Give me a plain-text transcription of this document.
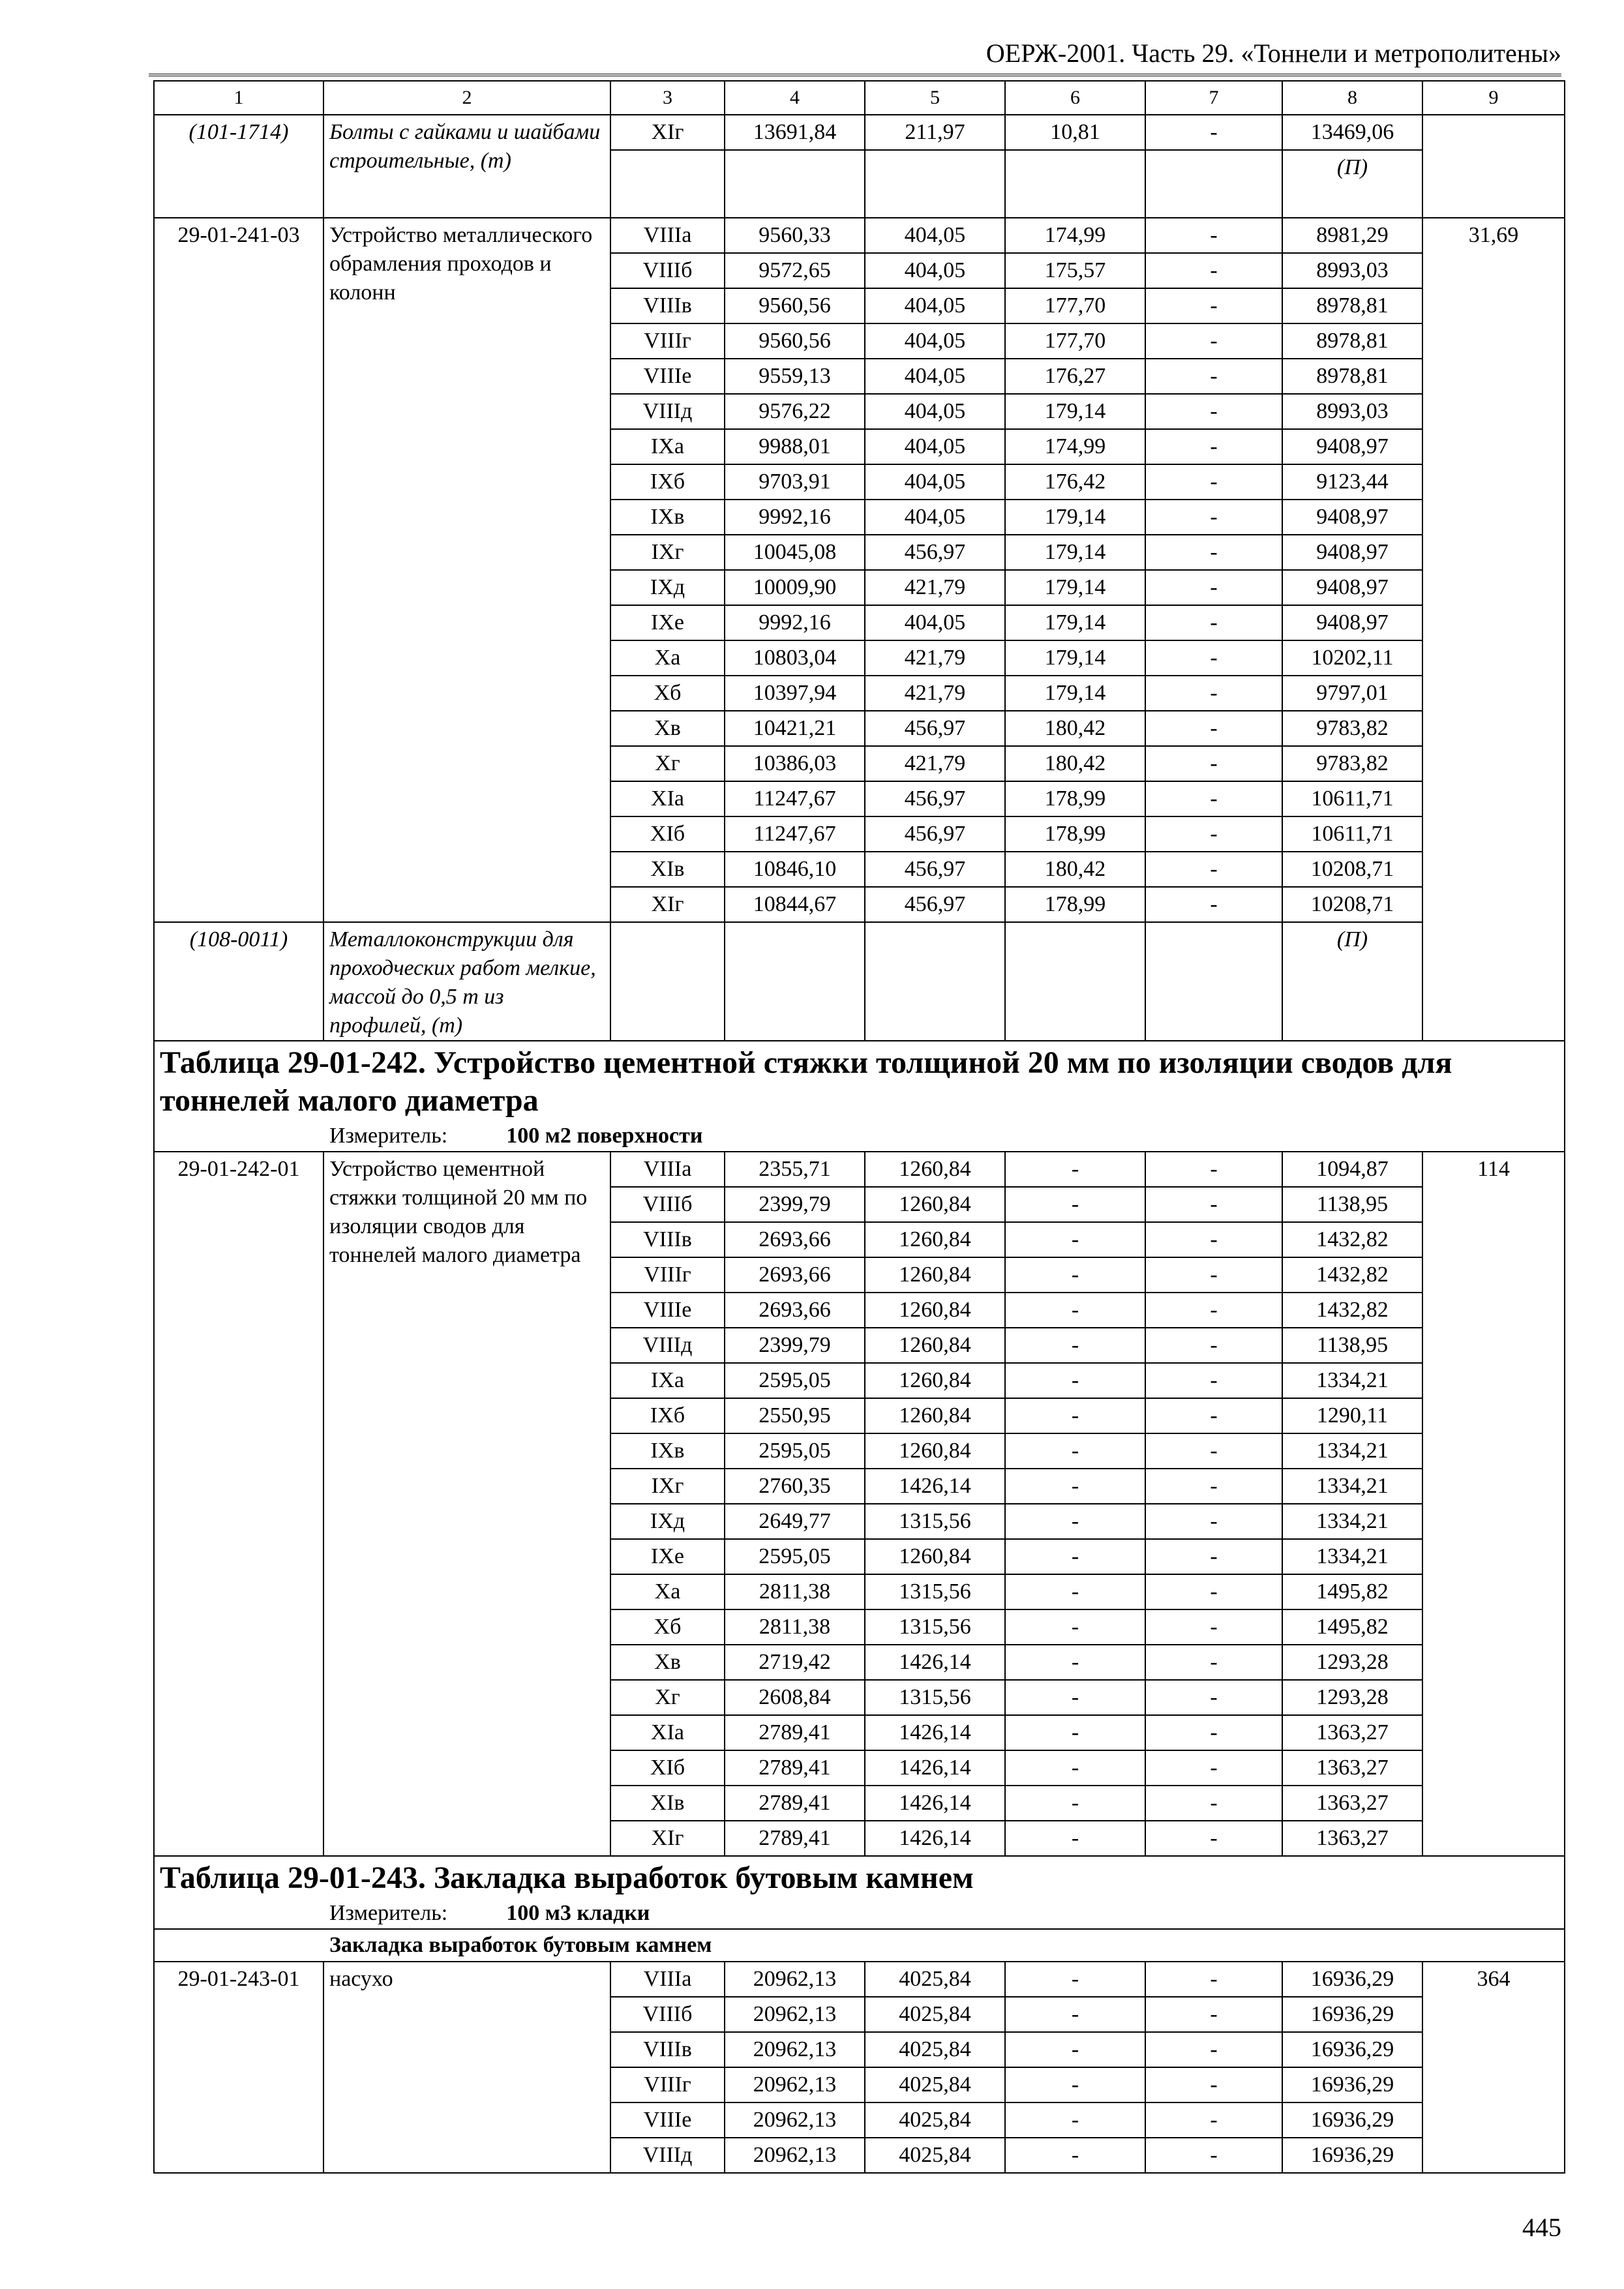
ОЕРЖ-2001. Часть 29. «Тоннели и метрополитены»
1	2	3	4	5	6	7	8	9
(101-1714)	Болты с гайками и шайбами строительные, (т)	XIг	13691,84	211,97	10,81	-	13469,06	
							(П)	
29-01-241-03	Устройство металлического обрамления проходов и колонн	VIIIа	9560,33	404,05	174,99	-	8981,29	31,69
		VIIIб	9572,65	404,05	175,57	-	8993,03	
		VIIIв	9560,56	404,05	177,70	-	8978,81	
		VIIIг	9560,56	404,05	177,70	-	8978,81	
		VIIIе	9559,13	404,05	176,27	-	8978,81	
		VIIIд	9576,22	404,05	179,14	-	8993,03	
		IXа	9988,01	404,05	174,99	-	9408,97	
		IXб	9703,91	404,05	176,42	-	9123,44	
		IXв	9992,16	404,05	179,14	-	9408,97	
		IXг	10045,08	456,97	179,14	-	9408,97	
		IXд	10009,90	421,79	179,14	-	9408,97	
		IXе	9992,16	404,05	179,14	-	9408,97	
		Xа	10803,04	421,79	179,14	-	10202,11	
		Xб	10397,94	421,79	179,14	-	9797,01	
		Xв	10421,21	456,97	180,42	-	9783,82	
		Xг	10386,03	421,79	180,42	-	9783,82	
		XIа	11247,67	456,97	178,99	-	10611,71	
		XIб	11247,67	456,97	178,99	-	10611,71	
		XIв	10846,10	456,97	180,42	-	10208,71	
		XIг	10844,67	456,97	178,99	-	10208,71	
(108-0011)	Металлоконструкции для проходческих работ мелкие, массой до 0,5 т из профилей, (т)						(П)	
Таблица 29-01-242. Устройство цементной стяжки толщиной 20 мм по изоляции сводов для тоннелей малого диаметра								
Измеритель: 100 м2 поверхности								
29-01-242-01	Устройство цементной стяжки толщиной 20 мм по изоляции сводов для тоннелей малого диаметра	VIIIа	2355,71	1260,84	-	-	1094,87	114
		VIIIб	2399,79	1260,84	-	-	1138,95	
		VIIIв	2693,66	1260,84	-	-	1432,82	
		VIIIг	2693,66	1260,84	-	-	1432,82	
		VIIIе	2693,66	1260,84	-	-	1432,82	
		VIIIд	2399,79	1260,84	-	-	1138,95	
		IXа	2595,05	1260,84	-	-	1334,21	
		IXб	2550,95	1260,84	-	-	1290,11	
		IXв	2595,05	1260,84	-	-	1334,21	
		IXг	2760,35	1426,14	-	-	1334,21	
		IXд	2649,77	1315,56	-	-	1334,21	
		IXе	2595,05	1260,84	-	-	1334,21	
		Xа	2811,38	1315,56	-	-	1495,82	
		Xб	2811,38	1315,56	-	-	1495,82	
		Xв	2719,42	1426,14	-	-	1293,28	
		Xг	2608,84	1315,56	-	-	1293,28	
		XIа	2789,41	1426,14	-	-	1363,27	
		XIб	2789,41	1426,14	-	-	1363,27	
		XIв	2789,41	1426,14	-	-	1363,27	
		XIг	2789,41	1426,14	-	-	1363,27	
Таблица 29-01-243. Закладка выработок бутовым камнем								
Измеритель: 100 м3 кладки								
Закладка выработок бутовым камнем								
29-01-243-01	насухо	VIIIа	20962,13	4025,84	-	-	16936,29	364
		VIIIб	20962,13	4025,84	-	-	16936,29	
		VIIIв	20962,13	4025,84	-	-	16936,29	
		VIIIг	20962,13	4025,84	-	-	16936,29	
		VIIIе	20962,13	4025,84	-	-	16936,29	
		VIIIд	20962,13	4025,84	-	-	16936,29	
445
